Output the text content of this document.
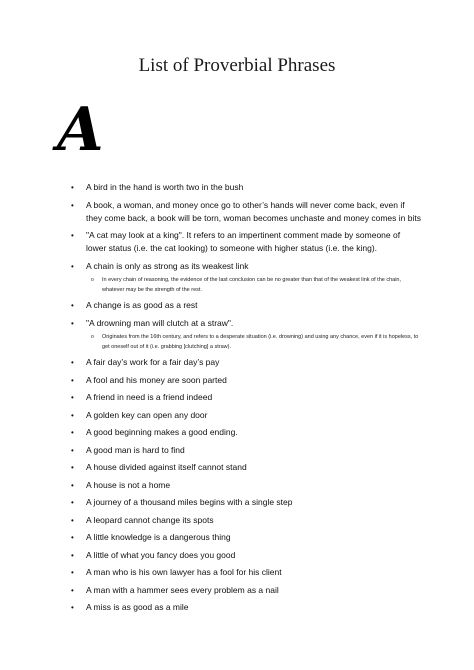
List of Proverbial Phrases
A
• A bird in the hand is worth two in the bush
• A book, a woman, and money once go to other’s hands will never come back, even if they come back, a book will be torn, woman becomes unchaste and money comes in bits
• "A cat may look at a king". It refers to an impertinent comment made by someone of lower status (i.e. the cat looking) to someone with higher status (i.e. the king).
• A chain is only as strong as its weakest link
o In every chain of reasoning, the evidence of the last conclusion can be no greater than that of the weakest link of the chain, whatever may be the strength of the rest.
• A change is as good as a rest
• "A drowning man will clutch at a straw".
o Originates from the 16th century, and refers to a desperate situation (i.e. drowning) and using any chance, even if it is hopeless, to get oneself out of it (i.e. grabbing [clutching] a straw).
• A fair day’s work for a fair day’s pay
• A fool and his money are soon parted
• A friend in need is a friend indeed
• A golden key can open any door
• A good beginning makes a good ending.
• A good man is hard to find
• A house divided against itself cannot stand
• A house is not a home
• A journey of a thousand miles begins with a single step
• A leopard cannot change its spots
• A little knowledge is a dangerous thing
• A little of what you fancy does you good
• A man who is his own lawyer has a fool for his client
• A man with a hammer sees every problem as a nail
• A miss is as good as a mile
